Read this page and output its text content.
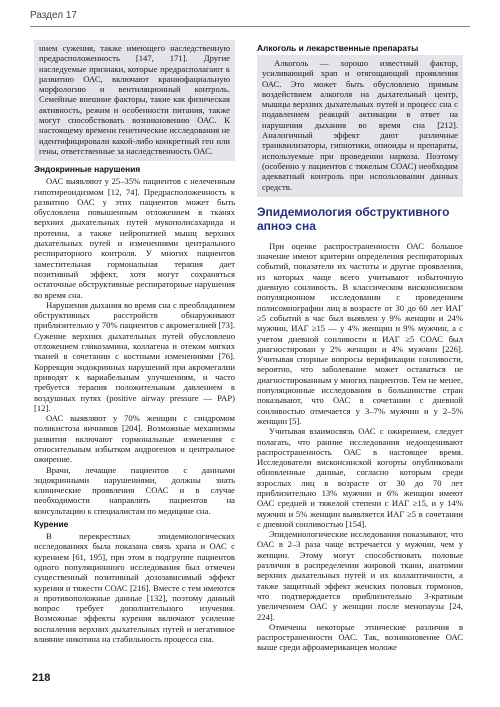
Раздел 17

нием сужения, также имеющего наследственную предрасположенность [147, 171]. Другие наследуемые признаки, которые предрасполагают к развитию ОАС, включают краниофациальную морфологию и вентиляционный контроль. Семейные внешние факторы, такие как физическая активность, режим и особенности питания, также могут способствовать возникновению ОАС. К настоящему времени генетические исследования не идентифицировали какой-либо конкретный ген или гены, ответственные за наследственность ОАС.

Эндокринные нарушения

ОАС выявляют у 25–35% пациентов с нелеченным гипотиреоидизмом [12, 74]. Предрасположенность к развитию ОАС у этих пациентов может быть обусловлена повышенным отложением в тканях верхних дыхательных путей мукополисахарида и протеина, а также нейропатией мышц верхних дыхательных путей и изменениями центрального респираторного контроля. У многих пациентов заместительная гормональная терапия дает позитивный эффект, хотя могут сохраняться остаточные обструктивные респираторные нарушения во время сна.

Нарушения дыхания во время сна с преобладанием обструктивных расстройств обнаруживают приблизительно у 70% пациентов с акромегалией [73]. Сужение верхних дыхательных путей обусловлено отложением гликозамина, коллагена и отеком мягких тканей в сочетании с костными изменениями [76]. Коррекция эндокринных нарушений при акромегалии приводят к вариабельным улучшениям, и часто требуется терапия положительным давлением в воздушных путях (positive airway pressure — PAP) [12].

ОАС выявляют у 70% женщин с синдромом поликистоза яичников [204]. Возможные механизмы развития включают гормональные изменения с относительным избытком андрогенов и центральное ожирение.

Врачи, лечащие пациентов с данными эндокринными нарушениями, должны знать клинические проявления СОАС и в случае необходимости направлять пациентов на консультацию к специалистам по медицине сна.

Курение

В перекрестных эпидемиологических исследованиях была показана связь храпа и ОАС с курением [61, 195], при этом в подгруппе пациентов одного популяционного исследования был отмечен существенный позитивный дозозависимый эффект курения и тяжести СОАС [216]. Вместе с тем имеются и противоположные данные [132], поэтому данный вопрос требует дополнительного изучения. Возможные эффекты курения включают усиление воспаления верхних дыхательных путей и негативное влияние никотина на стабильность процесса сна.

Алкоголь и лекарственные препараты

Алкоголь — хорошо известный фактор, усиливающий храп и отягощающий проявления ОАС. Это может быть обусловлено прямым воздействием алкоголя на дыхательный центр, мышцы верхних дыхательных путей и процесс сна с подавлением реакций активации в ответ на нарушения дыхания во время сна [212]. Аналогичный эффект дают различные транквилизаторы, гипнотики, опиоиды и препараты, используемые при проведении наркоза. Поэтому (особенно у пациентов с тяжелым СОАС) необходим адекватный контроль при использовании данных средств.

Эпидемиология обструктивного апноэ сна

При оценке распространенности ОАС большое значение имеют критерии определения респираторных событий, показатели их частоты и другие проявления, из которых чаще всего учитывают избыточную дневную сонливость. В классическом висконсинском популяционном исследовании с проведением полисомнографии лиц в возрасте от 30 до 60 лет ИАГ ≥5 событий в час был выявлен у 9% женщин и 24% мужчин, ИАГ ≥15 — у 4% женщин и 9% мужчин, а с учетом дневной сонливости и ИАГ ≥5 СОАС был диагностирован у 2% женщин и 4% мужчин [226]. Учитывая спорные вопросы верификации сонливости, вероятно, что заболевание может оставаться не диагностированным у многих пациентов. Тем не менее, популяционные исследования в большинстве стран показывают, что ОАС в сочетании с дневной сонливостью отмечается у 3–7% мужчин и у 2–5% женщин [5].

Учитывая взаимосвязь ОАС с ожирением, следует полагать, что ранние исследования недооценивают распространенность ОАС в настоящее время. Исследователи висконсинской когорты опубликовали обновленные данные, согласно которым среди взрослых лиц в возрасте от 30 до 70 лет приблизительно 13% мужчин и 6% женщин имеют ОАС средней и тяжелой степени с ИАГ ≥15, и у 14% мужчин и 5% женщин выявляется ИАГ ≥5 в сочетании с дневной сонливостью [154].

Эпидемиологические исследования показывают, что ОАС в 2–3 раза чаще встречается у мужчин, чем у женщин. Этому могут способствовать половые различия в распределении жировой ткани, анатомии верхних дыхательных путей и их коллаптичности, а также защитный эффект женских половых гормонов, что подтверждается приблизительно 3-кратным увеличением ОАС у женщин после менопаузы [24, 224].

Отмечены некоторые этнические различия в распространенности ОАС. Так, возникновение ОАС выше среди афроамериканцев моложе

218
